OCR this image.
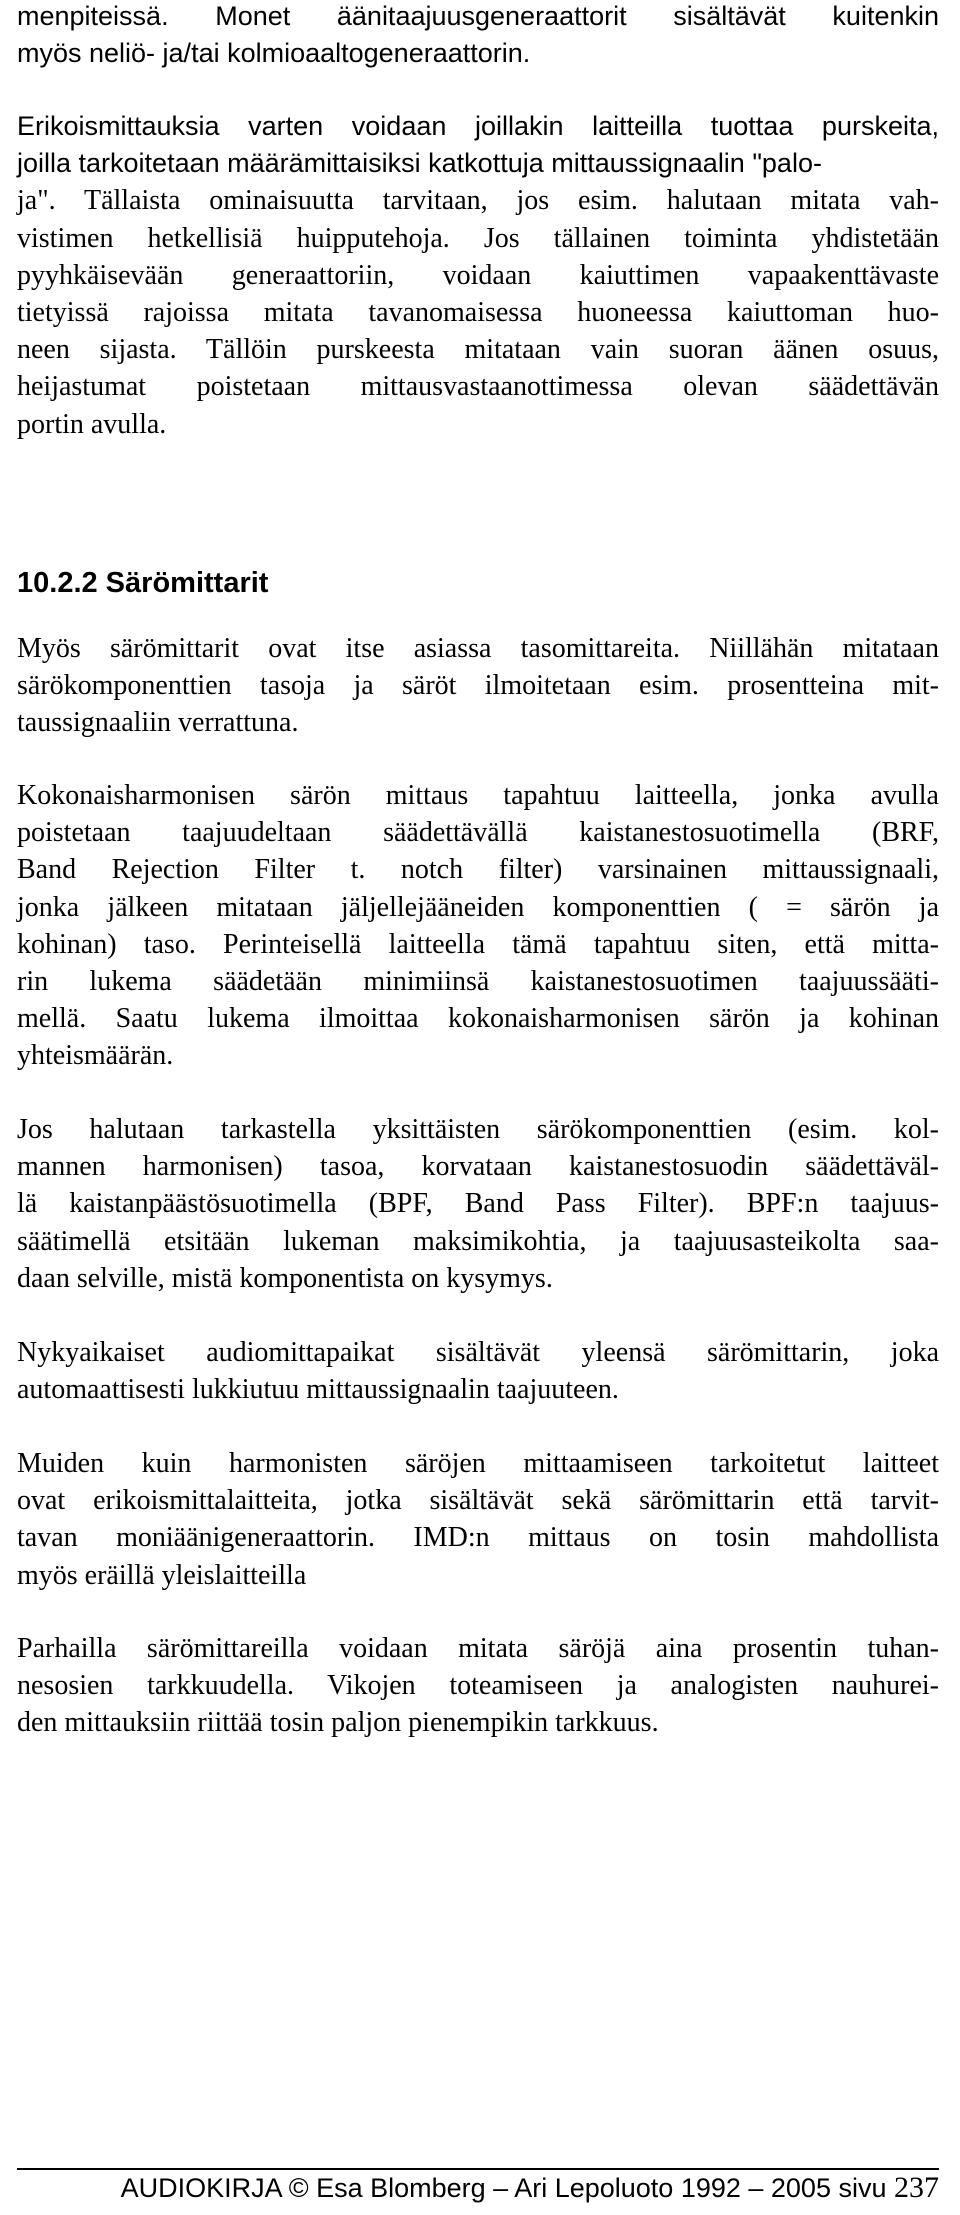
menpiteissä. Monet äänitaajuusgeneraattorit sisältävät kuitenkin
myös neliö- ja/tai kolmioaaltogeneraattorin.

Erikoismittauksia varten voidaan joillakin laitteilla tuottaa purskeita,
joilla tarkoitetaan määrämittaisiksi katkottuja mittaussignaalin "palo-
ja". Tällaista ominaisuutta tarvitaan, jos esim. halutaan mitata vah-
vistimen hetkellisiä huipputehoja. Jos tällainen toiminta yhdistetään
pyyhkäisevään generaattoriin, voidaan kaiuttimen vapaakenttävaste
tietyissä rajoissa mitata tavanomaisessa huoneessa kaiuttoman huo-
neen sijasta. Tällöin purskeesta mitataan vain suoran äänen osuus,
heijastumat poistetaan mittausvastaanottimessa olevan säädettävän
portin avulla.

Myös särömittarit ovat itse asiassa tasomittareita. Niillähän mitataan
särökomponenttien tasoja ja säröt ilmoitetaan esim. prosentteina mit-
taussignaaliin verrattuna.

Kokonaisharmonisen särön mittaus tapahtuu laitteella, jonka avulla
poistetaan taajuudeltaan säädettävällä kaistanestosuotimella (BRF,
Band Rejection Filter t. notch filter) varsinainen mittaussignaali,
jonka jälkeen mitataan jäljellejääneiden komponenttien ( = särön ja
kohinan) taso. Perinteisellä laitteella tämä tapahtuu siten, että mitta-
rin lukema säädetään minimiinsä kaistanestosuotimen taajuussääti-
mellä. Saatu lukema ilmoittaa kokonaisharmonisen särön ja kohinan
yhteismäärän.

Jos halutaan tarkastella yksittäisten särökomponenttien (esim. kol-
mannen harmonisen) tasoa, korvataan kaistanestosuodin säädettäväl-
lä kaistanpäästösuotimella (BPF, Band Pass Filter). BPF:n taajuus-
säätimellä etsitään lukeman maksimikohtia, ja taajuusasteikolta saa-
daan selville, mistä komponentista on kysymys.

Nykyaikaiset audiomittapaikat sisältävät yleensä särömittarin, joka
automaattisesti lukkiutuu mittaussignaalin taajuuteen.

Muiden kuin harmonisten säröjen mittaamiseen tarkoitetut laitteet
ovat erikoismittalaitteita, jotka sisältävät sekä särömittarin että tarvit-
tavan moniäänigeneraattorin. IMD:n mittaus on tosin mahdollista
myös eräillä yleislaitteilla

Parhailla särömittareilla voidaan mitata säröjä aina prosentin tuhan-
nesosien tarkkuudella. Vikojen toteamiseen ja analogisten nauhurei-
den mittauksiin riittää tosin paljon pienempikin tarkkuus.

10.2.2 Särömittarit
AUDIOKIRJA © Esa Blomberg – Ari Lepoluoto 1992 – 2005 sivu 237
